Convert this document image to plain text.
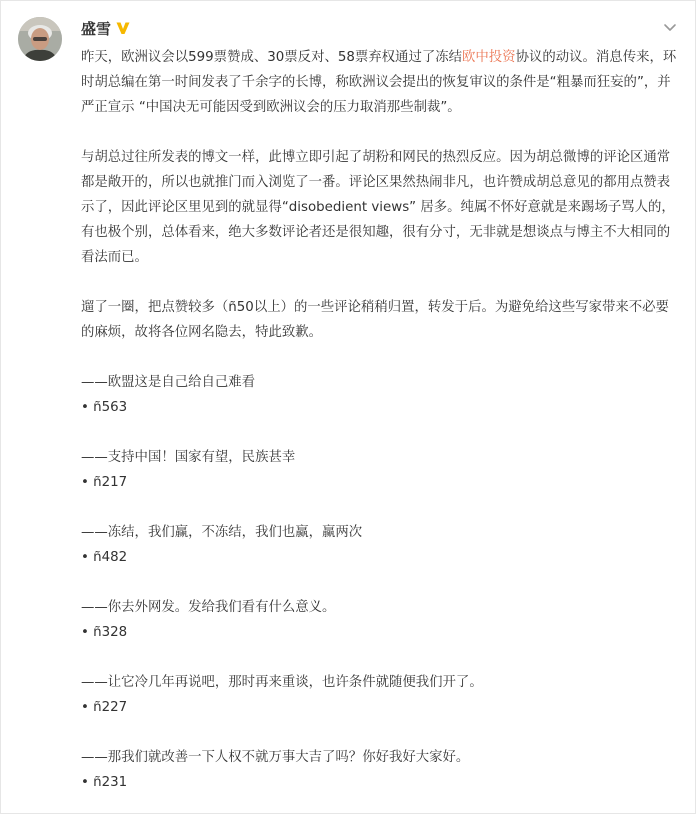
盛雪

昨天，欧洲议会以599票赞成、30票反对、58票弃权通过了冻结欧中投资协议的动议。消息传来，环时胡总编在第一时间发表了千余字的长博，称欧洲议会提出的恢复审议的条件是“粗暴而狂妄的”，并严正宣示 “中国决无可能因受到欧洲议会的压力取消那些制裁”。

与胡总过往所发表的博文一样，此博立即引起了胡粉和网民的热烈反应。因为胡总微博的评论区通常都是敞开的，所以也就推门而入浏览了一番。评论区果然热闹非凡，也许赞成胡总意见的都用点赞表示了，因此评论区里见到的就显得“disobedient views” 居多。纯属不怀好意就是来踢场子骂人的，有也极个别，总体看来，绝大多数评论者还是很知趣，很有分寸，无非就是想谈点与博主不大相同的看法而已。

遛了一圈，把点赞较多（ñ50以上）的一些评论稍稍归置，转发于后。为避免给这些写家带来不必要的麻烦，故将各位网名隐去，特此致歉。

——欧盟这是自己给自己难看

• ñ563

——支持中国！国家有望，民族甚幸

• ñ217

——冻结，我们赢，不冻结，我们也赢，赢两次

• ñ482

——你去外网发。发给我们看有什么意义。

• ñ328

——让它冷几年再说吧，那时再来重谈，也许条件就随便我们开了。

• ñ227

——那我们就改善一下人权不就万事大吉了吗？你好我好大家好。

• ñ231
